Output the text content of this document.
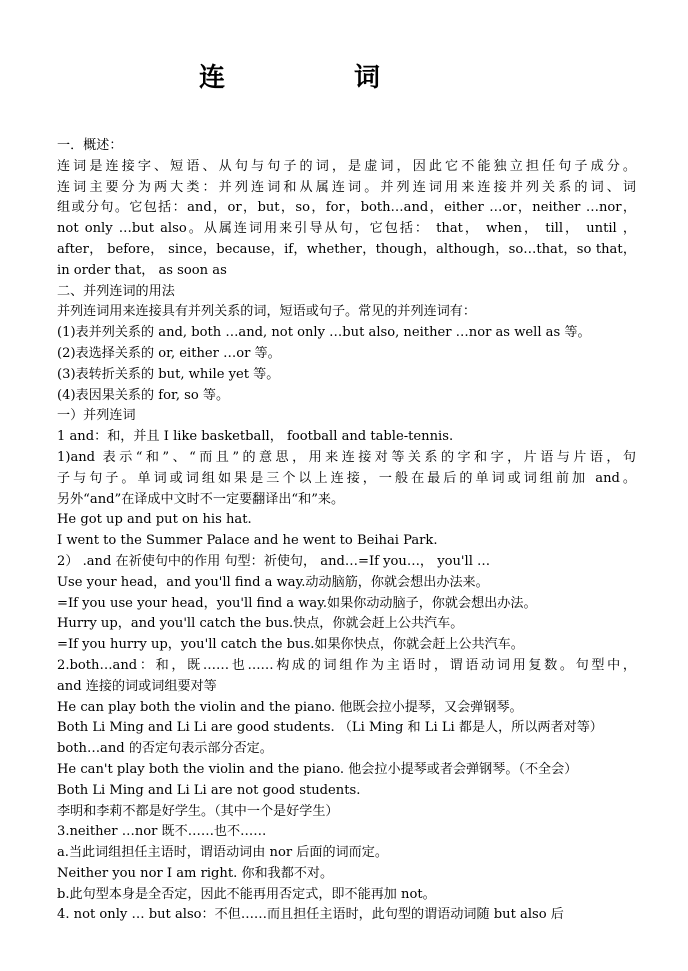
连 词
一．概述：
连词是连接字、短语、从句与句子的词，是虚词，因此它不能独立担任句子成分。
连词主要分为两大类：并列连词和从属连词。并列连词用来连接并列关系的词、词
组或分句。它包括：and，or，but，so，for，both…and，either …or，neither …nor，
not only …but also。从属连词用来引导从句，它包括： that， when， till， until ，
after， before， since，because，if，whether，though，although，so…that，so that，
in order that， as soon as
二、并列连词的用法
并列连词用来连接具有并列关系的词，短语或句子。常见的并列连词有：
(1)表并列关系的 and, both …and, not only …but also, neither …nor as well as 等。
(2)表选择关系的 or, either …or 等。
(3)表转折关系的 but, while yet 等。
(4)表因果关系的 for, so 等。
一）并列连词
1 and：和，并且 I like basketball， football and table-tennis.
1)and 表示“和”、“而且”的意思，用来连接对等关系的字和字，片语与片语，句
子与句子。单词或词组如果是三个以上连接，一般在最后的单词或词组前加 and。
另外“and”在译成中文时不一定要翻译出“和”来。
He got up and put on his hat.
I went to the Summer Palace and he went to Beihai Park.
2） .and 在祈使句中的作用 句型：祈使句， and…=If you…， you'll …
Use your head，and you'll find a way.动动脑筋，你就会想出办法来。
=If you use your head，you'll find a way.如果你动动脑子，你就会想出办法。
Hurry up，and you'll catch the bus.快点，你就会赶上公共汽车。
=If you hurry up，you'll catch the bus.如果你快点，你就会赶上公共汽车。
2.both…and：和，既……也……构成的词组作为主语时，谓语动词用复数。句型中，
and 连接的词或词组要对等
He can play both the violin and the piano. 他既会拉小提琴，又会弹钢琴。
Both Li Ming and Li Li are good students. （Li Ming 和 Li Li 都是人，所以两者对等）
both…and 的否定句表示部分否定。
He can't play both the violin and the piano. 他会拉小提琴或者会弹钢琴。（不全会）
Both Li Ming and Li Li are not good students.
李明和李莉不都是好学生。（其中一个是好学生）
3.neither …nor 既不……也不……
a.当此词组担任主语时，谓语动词由 nor 后面的词而定。
Neither you nor I am right. 你和我都不对。
b.此句型本身是全否定，因此不能再用否定式，即不能再加 not。
4. not only … but also：不但……而且担任主语时，此句型的谓语动词随 but also 后
